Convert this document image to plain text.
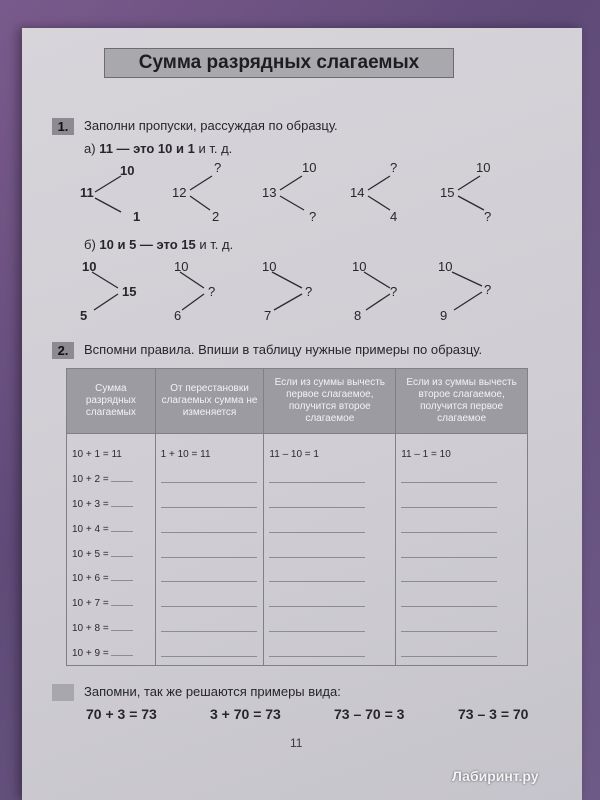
Сумма разрядных слагаемых
1.	Заполни пропуски, рассуждая по образцу.
а) 11 — это 10 и 1 и т. д.
11
10
1
12
?
2
13
10
?
14
?
4
15
10
?
б) 10 и 5 — это 15 и т. д.
10
5
15
10
6
?
10
7
?
10
8
?
10
9
?
2.	Вспомни правила. Впиши в таблицу нужные примеры по образцу.
Сумма разрядных слагаемых	От перестановки слагаемых сумма не изменяется	Если из суммы вычесть первое слагаемое, получится второе слагаемое	Если из суммы вычесть второе слагаемое, получится первое слагаемое
10 + 1 = 11	1 + 10 = 11	11 – 10 = 1	11 – 1 = 10
10 + 2 =			
10 + 3 =			
10 + 4 =			
10 + 5 =			
10 + 6 =			
10 + 7 =			
10 + 8 =			
10 + 9 =			
Запомни, так же решаются примеры вида:
70 + 3 = 73	3 + 70 = 73	73 – 70 = 3	73 – 3 = 70
11
Лабиринт.ру
